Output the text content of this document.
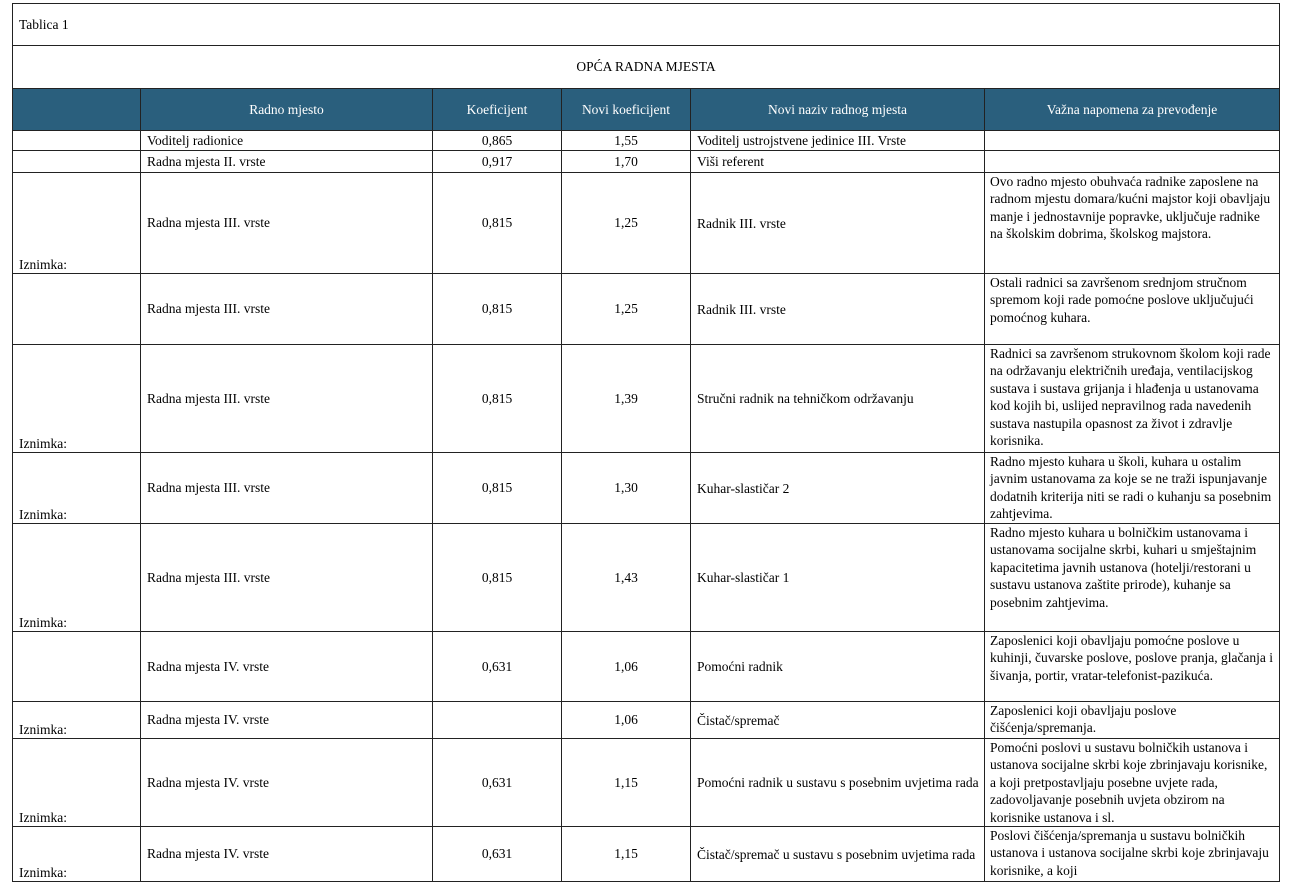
Tablica 1					
OPĆA RADNA MJESTA					
	Radno mjesto	Koeficijent	Novi koeficijent	Novi naziv radnog mjesta	Važna napomena za prevođenje
	Voditelj radionice	0,865	1,55	Voditelj ustrojstvene jedinice III. Vrste	
	Radna mjesta II. vrste	0,917	1,70	Viši referent	
Iznimka:	Radna mjesta III. vrste	0,815	1,25	Radnik III. vrste	Ovo radno mjesto obuhvaća radnike zaposlene na radnom mjestu domara/kućni majstor koji obavljaju manje i jednostavnije popravke, uključuje radnike na školskim dobrima, školskog majstora.
	Radna mjesta III. vrste	0,815	1,25	Radnik III. vrste	Ostali radnici sa završenom srednjom stručnom spremom koji rade pomoćne poslove uključujući pomoćnog kuhara.
Iznimka:	Radna mjesta III. vrste	0,815	1,39	Stručni radnik na tehničkom održavanju	Radnici sa završenom strukovnom školom koji rade na održavanju električnih uređaja, ventilacijskog sustava i sustava grijanja i hlađenja u ustanovama kod kojih bi, uslijed nepravilnog rada navedenih sustava nastupila opasnost za život i zdravlje korisnika.
Iznimka:	Radna mjesta III. vrste	0,815	1,30	Kuhar-slastičar 2	Radno mjesto kuhara u školi, kuhara u ostalim javnim ustanovama za koje se ne traži ispunjavanje dodatnih kriterija niti se radi o kuhanju sa posebnim zahtjevima.
Iznimka:	Radna mjesta III. vrste	0,815	1,43	Kuhar-slastičar 1	Radno mjesto kuhara u bolničkim ustanovama i ustanovama socijalne skrbi, kuhari u smještajnim kapacitetima javnih ustanova (hotelji/restorani u sustavu ustanova zaštite prirode), kuhanje sa posebnim zahtjevima.
	Radna mjesta IV. vrste	0,631	1,06	Pomoćni radnik	Zaposlenici koji obavljaju pomoćne poslove u kuhinji, čuvarske poslove, poslove pranja, glačanja i šivanja, portir, vratar-telefonist-pazikuća.
Iznimka:	Radna mjesta IV. vrste		1,06	Čistač/spremač	Zaposlenici koji obavljaju poslove čišćenja/spremanja.
Iznimka:	Radna mjesta IV. vrste	0,631	1,15	Pomoćni radnik u sustavu s posebnim uvjetima rada	Pomoćni poslovi u sustavu bolničkih ustanova i ustanova socijalne skrbi koje zbrinjavaju korisnike, a koji pretpostavljaju posebne uvjete rada, zadovoljavanje posebnih uvjeta obzirom na korisnike ustanova i sl.
Iznimka:	Radna mjesta IV. vrste	0,631	1,15	Čistač/spremač u sustavu s posebnim uvjetima rada	Poslovi čišćenja/spremanja u sustavu bolničkih ustanova i ustanova socijalne skrbi koje zbrinjavaju korisnike, a koji
